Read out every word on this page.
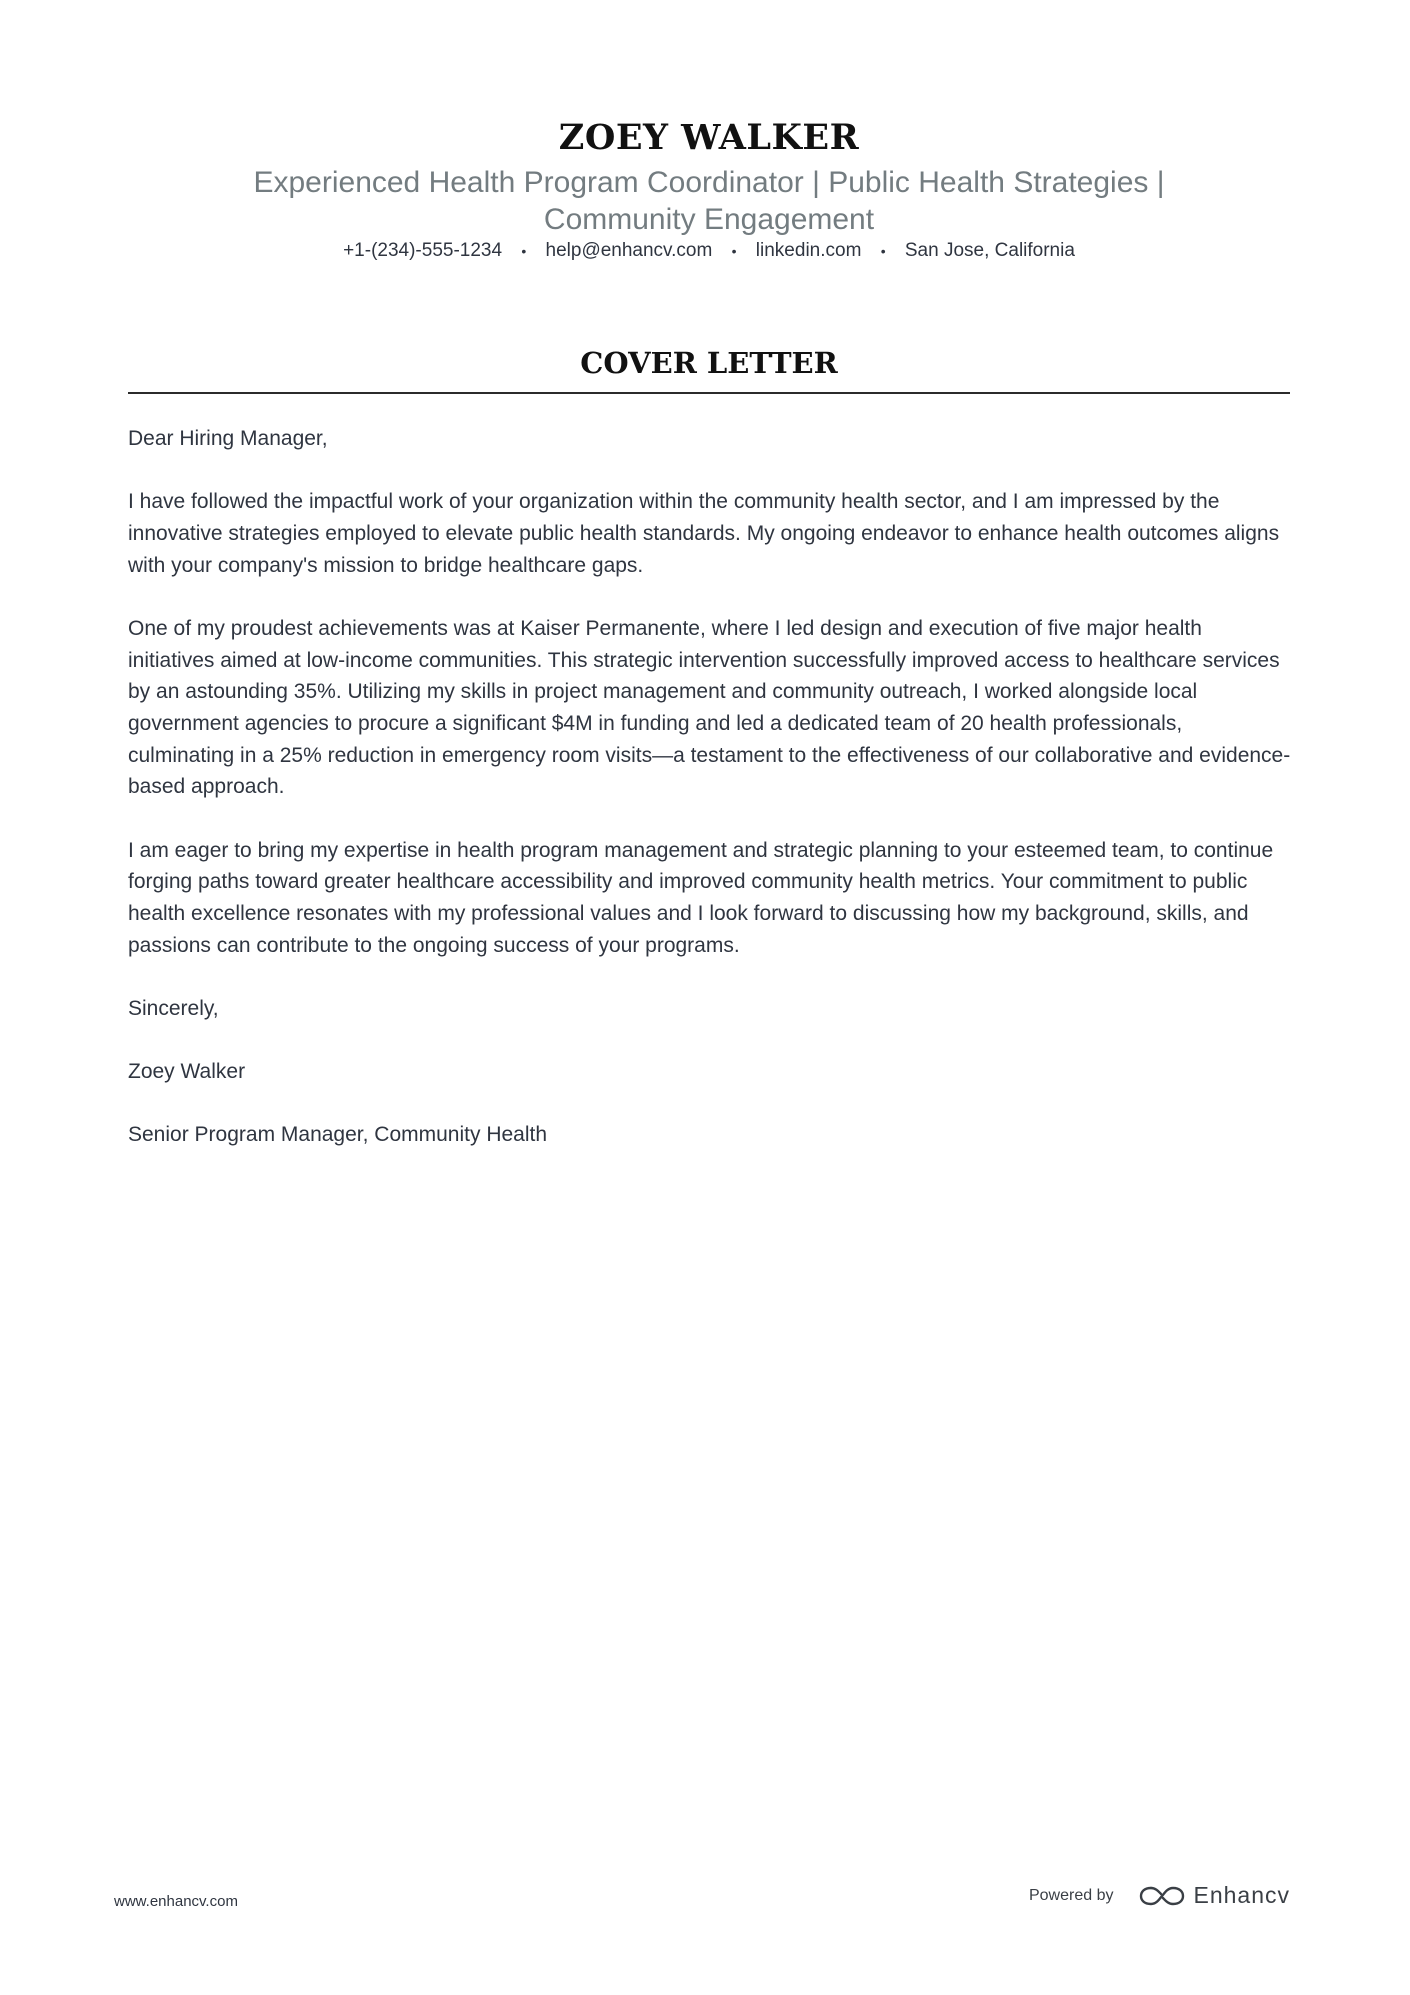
ZOEY WALKER
Experienced Health Program Coordinator | Public Health Strategies | Community Engagement
+1-(234)-555-1234 • help@enhancv.com • linkedin.com • San Jose, California
COVER LETTER

Dear Hiring Manager,

I have followed the impactful work of your organization within the community health sector, and I am impressed by the innovative strategies employed to elevate public health standards. My ongoing endeavor to enhance health outcomes aligns with your company's mission to bridge healthcare gaps.

One of my proudest achievements was at Kaiser Permanente, where I led design and execution of five major health initiatives aimed at low-income communities. This strategic intervention successfully improved access to healthcare services by an astounding 35%. Utilizing my skills in project management and community outreach, I worked alongside local government agencies to procure a significant $4M in funding and led a dedicated team of 20 health professionals, culminating in a 25% reduction in emergency room visits—a testament to the effectiveness of our collaborative and evidence-based approach.

I am eager to bring my expertise in health program management and strategic planning to your esteemed team, to continue forging paths toward greater healthcare accessibility and improved community health metrics. Your commitment to public health excellence resonates with my professional values and I look forward to discussing how my background, skills, and passions can contribute to the ongoing success of your programs.

Sincerely,

Zoey Walker

Senior Program Manager, Community Health

www.enhancv.com	Powered by	Enhancv
